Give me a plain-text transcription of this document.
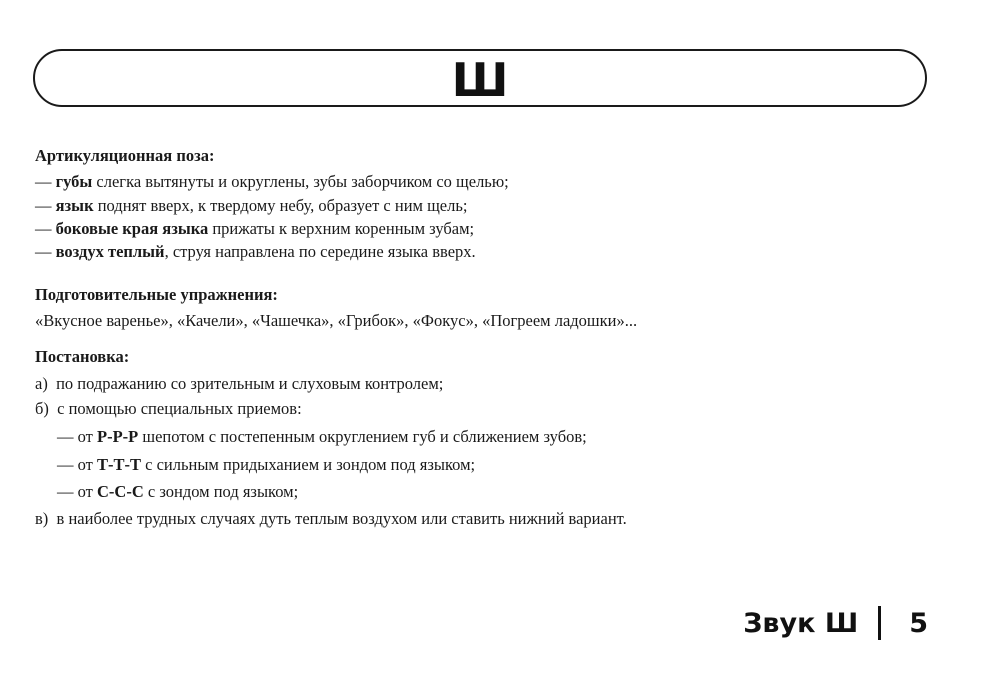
Ш
Артикуляционная поза:
— губы слегка вытянуты и округлены, зубы заборчиком со щелью;
— язык поднят вверх, к твердому небу, образует с ним щель;
— боковые края языка прижаты к верхним коренным зубам;
— воздух теплый, струя направлена по середине языка вверх.
Подготовительные упражнения:
«Вкусное варенье», «Качели», «Чашечка», «Грибок», «Фокус», «Погреем ладошки»...
Постановка:
а) по подражанию со зрительным и слуховым контролем;
б) с помощью специальных приемов:
— от Р-Р-Р шепотом с постепенным округлением губ и сближением зубов;
— от Т-Т-Т с сильным придыханием и зондом под языком;
— от С-С-С с зондом под языком;
в) в наиболее трудных случаях дуть теплым воздухом или ставить нижний вариант.
Звук Ш 5
